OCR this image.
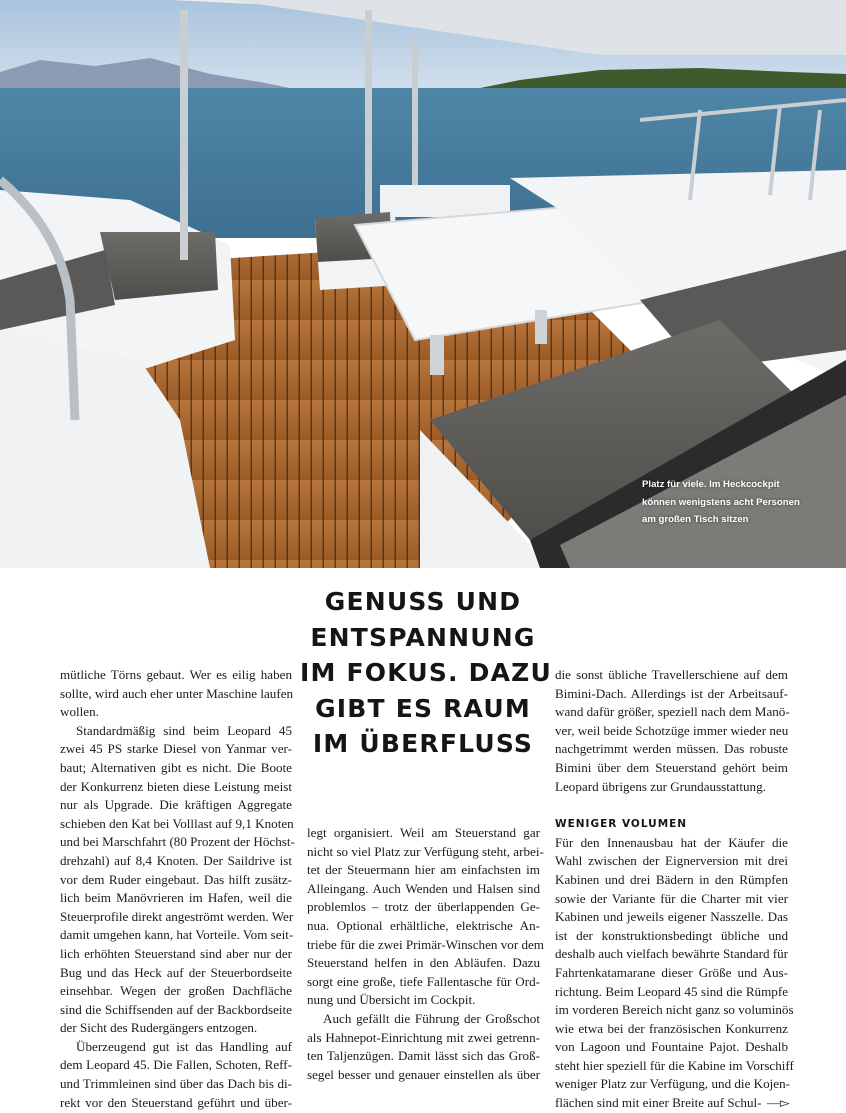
Platz für viele. Im Heckcockpit
können wenigstens acht Personen
am großen Tisch sitzen
GENUSS UND
ENTSPANNUNG
IM FOKUS. DAZU
GIBT ES RAUM
IM ÜBERFLUSS
mütliche Törns gebaut. Wer es eilig haben
sollte, wird auch eher unter Maschine laufen
wollen.
Standardmäßig sind beim Leopard 45
zwei 45 PS starke Diesel von Yanmar ver-
baut; Alternativen gibt es nicht. Die Boote
der Konkurrenz bieten diese Leistung meist
nur als Upgrade. Die kräftigen Aggregate
schieben den Kat bei Volllast auf 9,1 Knoten
und bei Marschfahrt (80 Prozent der Höchst-
drehzahl) auf 8,4 Knoten. Der Saildrive ist
vor dem Ruder eingebaut. Das hilft zusätz-
lich beim Manövrieren im Hafen, weil die
Steuerprofile direkt angeströmt werden. Wer
damit umgehen kann, hat Vorteile. Vom seit-
lich erhöhten Steuerstand sind aber nur der
Bug und das Heck auf der Steuerbordseite
einsehbar. Wegen der großen Dachfläche
sind die Schiffsenden auf der Backbordseite
der Sicht des Rudergängers entzogen.
Überzeugend gut ist das Handling auf
dem Leopard 45. Die Fallen, Schoten, Reff-
und Trimmleinen sind über das Dach bis di-
rekt vor den Steuerstand geführt und über-
legt organisiert. Weil am Steuerstand gar
nicht so viel Platz zur Verfügung steht, arbei-
tet der Steuermann hier am einfachsten im
Alleingang. Auch Wenden und Halsen sind
problemlos – trotz der überlappenden Ge-
nua. Optional erhältliche, elektrische An-
triebe für die zwei Primär-Winschen vor dem
Steuerstand helfen in den Abläufen. Dazu
sorgt eine große, tiefe Fallentasche für Ord-
nung und Übersicht im Cockpit.
Auch gefällt die Führung der Großschot
als Hahnepot-Einrichtung mit zwei getrenn-
ten Taljenzügen. Damit lässt sich das Groß-
segel besser und genauer einstellen als über
die sonst übliche Travellerschiene auf dem
Bimini-Dach. Allerdings ist der Arbeitsauf-
wand dafür größer, speziell nach dem Manö-
ver, weil beide Schotzüge immer wieder neu
nachgetrimmt werden müssen. Das robuste
Bimini über dem Steuerstand gehört beim
Leopard übrigens zur Grundausstattung.
WENIGER VOLUMEN
Für den Innenausbau hat der Käufer die
Wahl zwischen der Eignerversion mit drei
Kabinen und drei Bädern in den Rümpfen
sowie der Variante für die Charter mit vier
Kabinen und jeweils eigener Nasszelle. Das
ist der konstruktionsbedingt übliche und
deshalb auch vielfach bewährte Standard für
Fahrtenkatamarane dieser Größe und Aus-
richtung. Beim Leopard 45 sind die Rümpfe
im vorderen Bereich nicht ganz so voluminös
wie etwa bei der französischen Konkurrenz
von Lagoon und Fountaine Pajot. Deshalb
steht hier speziell für die Kabine im Vorschiff
weniger Platz zur Verfügung, und die Kojen-
flächen sind mit einer Breite auf Schul- —▻
